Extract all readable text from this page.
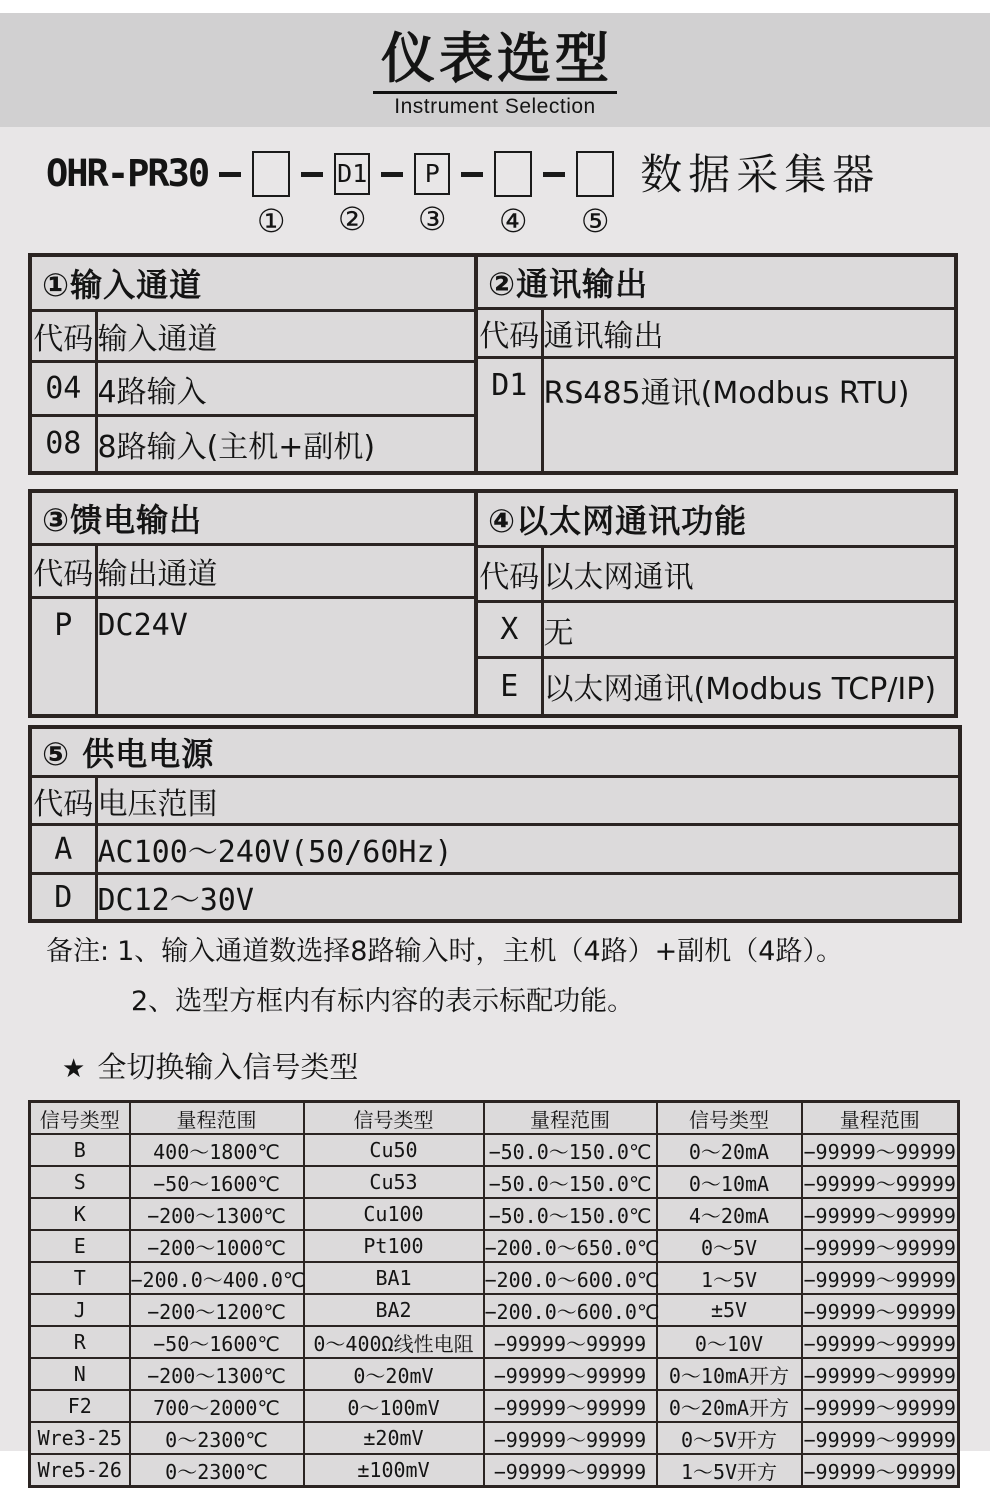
仪表选型
Instrument Selection
OHR-PR30
①
D1
②
P
③ ④ ⑤
数据采集器
①输入通道	
代码	输入通道
04	4路输入
08	8路输入(主机+副机)
②通讯输出	
代码	通讯输出
D1	RS485通讯(Modbus RTU)
③馈电输出	
代码	输出通道
P	DC24V
④以太网通讯功能	
代码	以太网通讯
X	无
E	以太网通讯(Modbus TCP/IP)
⑤ 供电电源	
代码	电压范围
A	AC100～240V(50/60Hz)
D	DC12～30V
备注: 1、输入通道数选择8路输入时，主机（4路）+副机（4路）。
2、选型方框内有标内容的表示标配功能。
★ 全切换输入信号类型
信号类型	量程范围	信号类型	量程范围	信号类型	量程范围
B	400～1800℃	Cu50	−50.0～150.0℃	0～20mA	−99999～99999
S	−50～1600℃	Cu53	−50.0～150.0℃	0～10mA	−99999～99999
K	−200～1300℃	Cu100	−50.0～150.0℃	4～20mA	−99999～99999
E	−200～1000℃	Pt100	−200.0～650.0℃	0～5V	−99999～99999
T	−200.0～400.0℃	BA1	−200.0～600.0℃	1～5V	−99999～99999
J	−200～1200℃	BA2	−200.0～600.0℃	±5V	−99999～99999
R	−50～1600℃	0～400Ω线性电阻	−99999～99999	0～10V	−99999～99999
N	−200～1300℃	0～20mV	−99999～99999	0～10mA开方	−99999～99999
F2	700～2000℃	0～100mV	−99999～99999	0～20mA开方	−99999～99999
Wre3-25	0～2300℃	±20mV	−99999～99999	0～5V开方	−99999～99999
Wre5-26	0～2300℃	±100mV	−99999～99999	1～5V开方	−99999～99999
